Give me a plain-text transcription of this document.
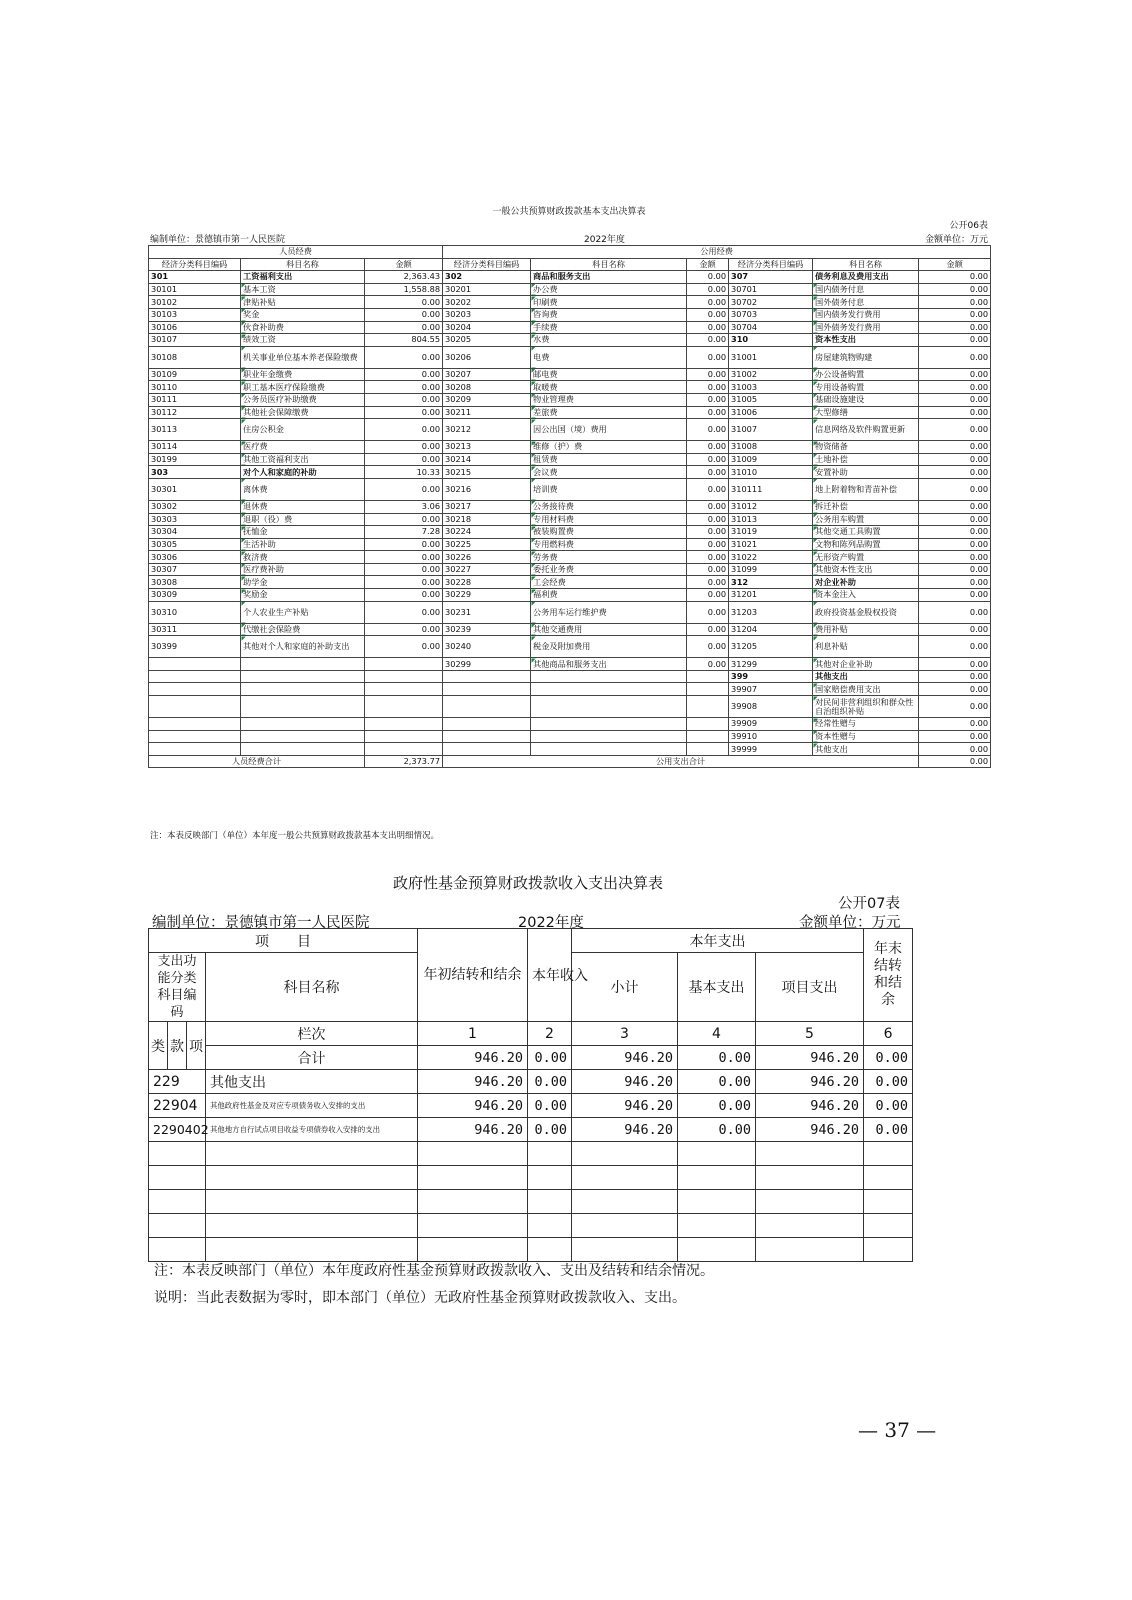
一般公共预算财政拨款基本支出决算表
公开06表
编制单位：景德镇市第一人民医院	2022年度	金额单位：万元
人员经费			公用经费					
经济分类科目编码	科目名称	金额	经济分类科目编码	科目名称	金额	经济分类科目编码	科目名称	金额
301	工资福利支出	2,363.43	302	商品和服务支出	0.00	307	债务利息及费用支出	0.00
30101	基本工资	1,558.88	30201	办公费	0.00	30701	国内债务付息	0.00
30102	津贴补贴	0.00	30202	印刷费	0.00	30702	国外债务付息	0.00
30103	奖金	0.00	30203	咨询费	0.00	30703	国内债务发行费用	0.00
30106	伙食补助费	0.00	30204	手续费	0.00	30704	国外债务发行费用	0.00
30107	绩效工资	804.55	30205	水费	0.00	310	资本性支出	0.00
30108	机关事业单位基本养老保险缴费	0.00	30206	电费	0.00	31001	房屋建筑物购建	0.00
30109	职业年金缴费	0.00	30207	邮电费	0.00	31002	办公设备购置	0.00
30110	职工基本医疗保险缴费	0.00	30208	取暖费	0.00	31003	专用设备购置	0.00
30111	公务员医疗补助缴费	0.00	30209	物业管理费	0.00	31005	基础设施建设	0.00
30112	其他社会保障缴费	0.00	30211	差旅费	0.00	31006	大型修缮	0.00
30113	住房公积金	0.00	30212	因公出国（境）费用	0.00	31007	信息网络及软件购置更新	0.00
30114	医疗费	0.00	30213	维修（护）费	0.00	31008	物资储备	0.00
30199	其他工资福利支出	0.00	30214	租赁费	0.00	31009	土地补偿	0.00
303	对个人和家庭的补助	10.33	30215	会议费	0.00	31010	安置补助	0.00
30301	离休费	0.00	30216	培训费	0.00	310111	地上附着物和青苗补偿	0.00
30302	退休费	3.06	30217	公务接待费	0.00	31012	拆迁补偿	0.00
30303	退职（役）费	0.00	30218	专用材料费	0.00	31013	公务用车购置	0.00
30304	抚恤金	7.28	30224	被装购置费	0.00	31019	其他交通工具购置	0.00
30305	生活补助	0.00	30225	专用燃料费	0.00	31021	文物和陈列品购置	0.00
30306	救济费	0.00	30226	劳务费	0.00	31022	无形资产购置	0.00
30307	医疗费补助	0.00	30227	委托业务费	0.00	31099	其他资本性支出	0.00
30308	助学金	0.00	30228	工会经费	0.00	312	对企业补助	0.00
30309	奖励金	0.00	30229	福利费	0.00	31201	资本金注入	0.00
30310	个人农业生产补贴	0.00	30231	公务用车运行维护费	0.00	31203	政府投资基金股权投资	0.00
30311	代缴社会保险费	0.00	30239	其他交通费用	0.00	31204	费用补贴	0.00
30399	其他对个人和家庭的补助支出	0.00	30240	税金及附加费用	0.00	31205	利息补贴	0.00
			30299	其他商品和服务支出	0.00	31299	其他对企业补助	0.00
						399	其他支出	0.00
						39907	国家赔偿费用支出	0.00
						39908	对民间非营利组织和群众性自治组织补贴	0.00
						39909	经常性赠与	0.00
						39910	资本性赠与	0.00
						39999	其他支出	0.00
人员经费合计		2,373.77	公用支出合计					0.00
注：本表反映部门（单位）本年度一般公共预算财政拨款基本支出明细情况。
政府性基金预算财政拨款收入支出决算表
公开07表
编制单位：景德镇市第一人民医院	2022年度	金额单位：万元
项　　目				年初结转和结余	本年收入	本年支出			年末结转和结余
支出功能分类科目编码			科目名称			小计	基本支出	项目支出	
类	款	项	栏次	1	2	3	4	5	6
			合计	946.20	0.00	946.20	0.00	946.20	0.00
229			其他支出	946.20	0.00	946.20	0.00	946.20	0.00
22904			其他政府性基金及对应专项债务收入安排的支出	946.20	0.00	946.20	0.00	946.20	0.00
2290402			其他地方自行试点项目收益专项债券收入安排的支出	946.20	0.00	946.20	0.00	946.20	0.00

注：本表反映部门（单位）本年度政府性基金预算财政拨款收入、支出及结转和结余情况。
说明：当此表数据为零时，即本部门（单位）无政府性基金预算财政拨款收入、支出。
— 37 —
